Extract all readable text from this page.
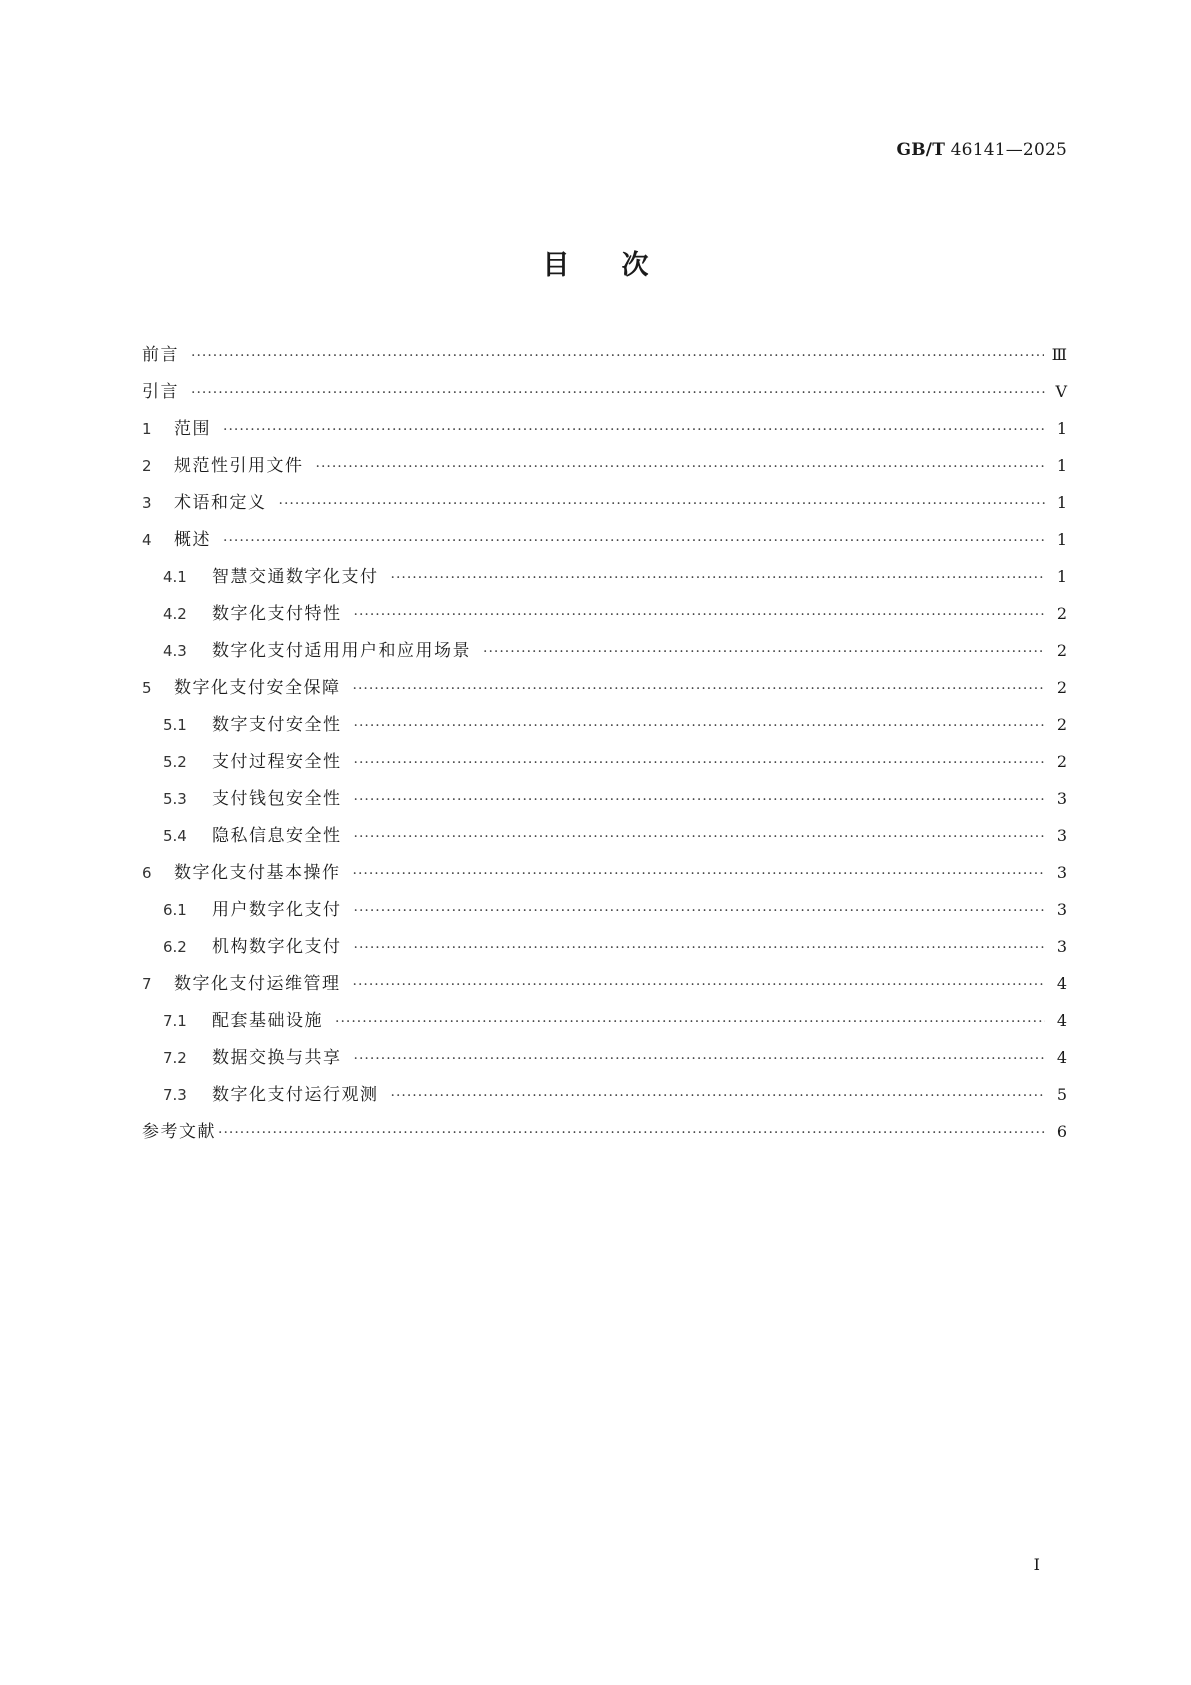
GB/T 46141—2025
目次
前言 ·····	Ⅲ
引言 ·····	Ⅴ
1	范围 ·····	1
2	规范性引用文件 ·····	1
3	术语和定义 ·····	1
4	概述 ·····	1
4.1	智慧交通数字化支付 ·····	1
4.2	数字化支付特性 ·····	2
4.3	数字化支付适用用户和应用场景 ·····	2
5	数字化支付安全保障 ·····	2
5.1	数字支付安全性 ·····	2
5.2	支付过程安全性 ·····	2
5.3	支付钱包安全性 ·····	3
5.4	隐私信息安全性 ·····	3
6	数字化支付基本操作 ·····	3
6.1	用户数字化支付 ·····	3
6.2	机构数字化支付 ·····	3
7	数字化支付运维管理 ·····	4
7.1	配套基础设施 ·····	4
7.2	数据交换与共享 ·····	4
7.3	数字化支付运行观测 ·····	5
参考文献 ·····	6
Ⅰ
